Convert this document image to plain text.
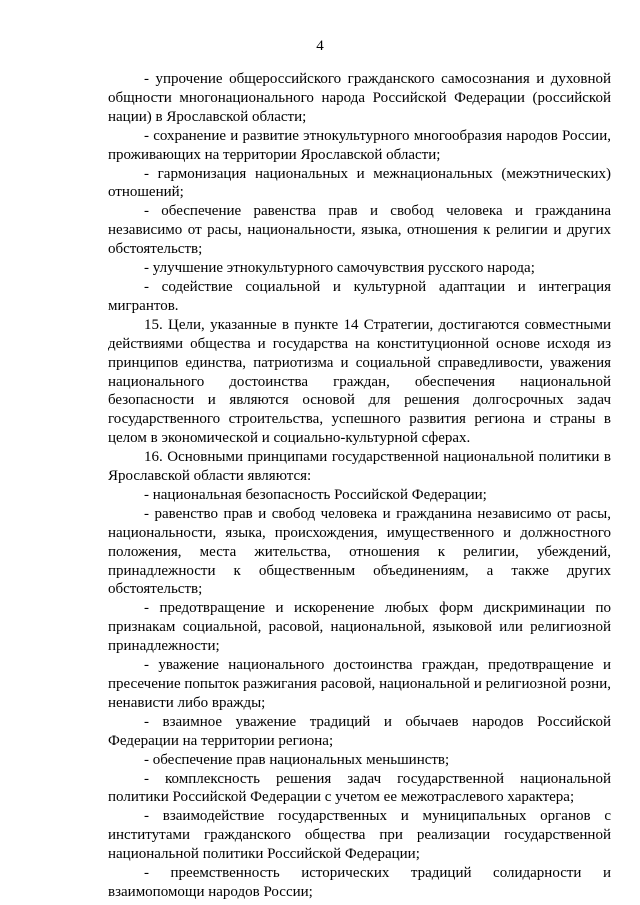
4

- упрочение общероссийского гражданского самосознания и духовной общности многонационального народа Российской Федерации (российской нации) в Ярославской области;

- сохранение и развитие этнокультурного многообразия народов России, проживающих на территории Ярославской области;

- гармонизация национальных и межнациональных (межэтнических) отношений;

- обеспечение равенства прав и свобод человека и гражданина независимо от расы, национальности, языка, отношения к религии и других обстоятельств;

- улучшение этнокультурного самочувствия русского народа;

- содействие социальной и культурной адаптации и интеграция мигрантов.

15. Цели, указанные в пункте 14 Стратегии, достигаются совместными действиями общества и государства на конституционной основе исходя из принципов единства, патриотизма и социальной справедливости, уважения национального достоинства граждан, обеспечения национальной безопасности и являются основой для решения долгосрочных задач государственного строительства, успешного развития региона и страны в целом в экономической и социально-культурной сферах.

16. Основными принципами государственной национальной политики в Ярославской области являются:

- национальная безопасность Российской Федерации;

- равенство прав и свобод человека и гражданина независимо от расы, национальности, языка, происхождения, имущественного и должностного положения, места жительства, отношения к религии, убеждений, принадлежности к общественным объединениям, а также других обстоятельств;

- предотвращение и искоренение любых форм дискриминации по признакам социальной, расовой, национальной, языковой или религиозной принадлежности;

- уважение национального достоинства граждан, предотвращение и пресечение попыток разжигания расовой, национальной и религиозной розни, ненависти либо вражды;

- взаимное уважение традиций и обычаев народов Российской Федерации на территории региона;

- обеспечение прав национальных меньшинств;

- комплексность решения задач государственной национальной политики Российской Федерации с учетом ее межотраслевого характера;

- взаимодействие государственных и муниципальных органов с институтами гражданского общества при реализации государственной национальной политики Российской Федерации;

- преемственность исторических традиций солидарности и взаимопомощи народов России;
